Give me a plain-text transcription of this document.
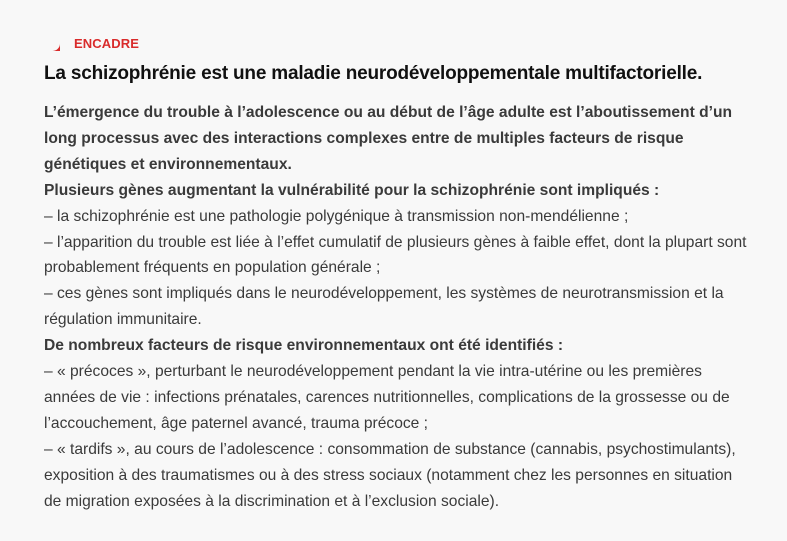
ENCADRE
La schizophrénie est une maladie neurodéveloppementale multifactorielle.

L’émergence du trouble à l’adolescence ou au début de l’âge adulte est l’aboutissement d’un long processus avec des interactions complexes entre de multiples facteurs de risque génétiques et environnementaux.

Plusieurs gènes augmentant la vulnérabilité pour la schizophrénie sont impliqués :

– la schizophrénie est une pathologie polygénique à transmission non-mendélienne ;

– l’apparition du trouble est liée à l’effet cumulatif de plusieurs gènes à faible effet, dont la plupart sont probablement fréquents en population générale ;

– ces gènes sont impliqués dans le neurodéveloppement, les systèmes de neurotransmission et la régulation immunitaire.

De nombreux facteurs de risque environnementaux ont été identifiés :

– « précoces », perturbant le neurodéveloppement pendant la vie intra-utérine ou les premières années de vie : infections prénatales, carences nutritionnelles, complications de la grossesse ou de l’accouchement, âge paternel avancé, trauma précoce ;

– « tardifs », au cours de l’adolescence : consommation de substance (cannabis, psychostimulants), exposition à des traumatismes ou à des stress sociaux (notamment chez les personnes en situation de migration exposées à la discrimination et à l’exclusion sociale).
